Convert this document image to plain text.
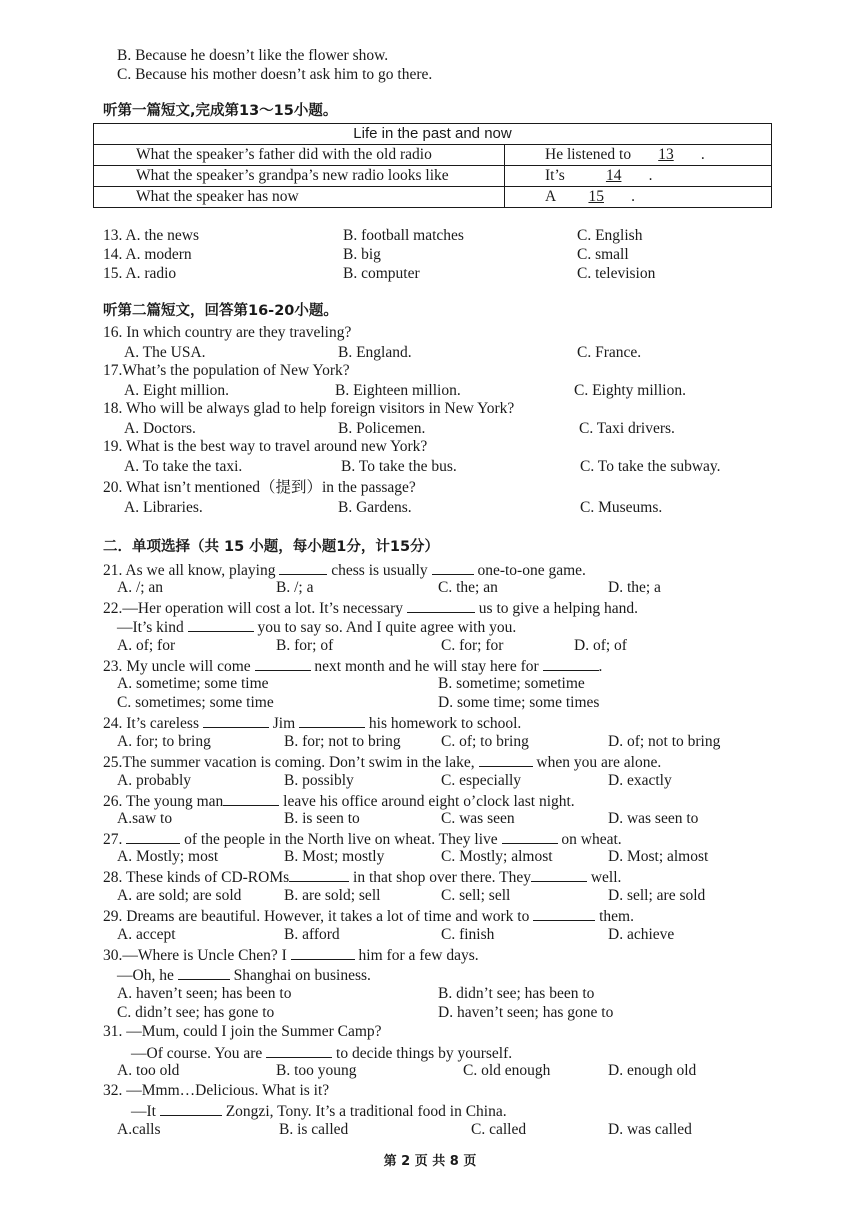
B. Because he doesn’t like the flower show.
C. Because his mother doesn’t ask him to go there.
听第一篇短文,完成第13～15小题。
Life in the past and now
What the speaker’s father did with the old radio	He listened to 13 .
What the speaker’s grandpa’s new radio looks like	It’s	14 .
What the speaker has now	A 15 .
13. A. the news	B. football matches	C. English
14. A. modern	B. big	C. small
15. A. radio	B. computer	C. television
听第二篇短文，回答第16-20小题。
16. In which country are they traveling?
A. The USA.	B. England.	C. France.
17.What’s the population of New York?
A. Eight million.	B. Eighteen million.	C. Eighty million.
18. Who will be always glad to help foreign visitors in New York?
A. Doctors.	B. Policemen.	C. Taxi drivers.
19. What is the best way to travel around new York?
A. To take the taxi.	B. To take the bus.	C. To take the subway.
20. What isn’t mentioned（提到）in the passage?
A. Libraries.	B. Gardens.	C. Museums.
二．单项选择（共 15 小题，每小题1分，计15分）
21. As we all know, playing	chess is usually	one-to-one game.
A. /; an	B. /; a	C. the; an	D. the; a
22.—Her operation will cost a lot. It’s necessary	us to give a helping hand.
—It’s kind	you to say so. And I quite agree with you.
A. of; for	B. for; of	C. for; for	D. of; of
23. My uncle will come	next month and he will stay here for	.
A. sometime; some time	B. sometime; sometime
C. sometimes; some time	D. some time; some times
24. It’s careless	Jim	his homework to school.
A. for; to bring	B. for; not to bring	C. of; to bring	D. of; not to bring
25.The summer vacation is coming. Don’t swim in the lake,	when you are alone.
A. probably	B. possibly	C. especially	D. exactly
26. The young man	leave his office around eight o’clock last night.
A.saw to	B. is seen to	C. was seen	D. was seen to
27.	of the people in the North live on wheat. They live	on wheat.
A. Mostly; most	B. Most; mostly	C. Mostly; almost	D. Most; almost
28. These kinds of CD-ROMs	in that shop over there. They	well.
A. are sold; are sold	B. are sold; sell	C. sell; sell	D. sell; are sold
29. Dreams are beautiful. However, it takes a lot of time and work to	them.
A. accept	B. afford	C. finish	D. achieve
30.—Where is Uncle Chen? I	him for a few days.
—Oh, he	Shanghai on business.
A. haven’t seen; has been to	B. didn’t see; has been to
C. didn’t see; has gone to	D. haven’t seen; has gone to
31. —Mum, could I join the Summer Camp?
—Of course. You are	to decide things by yourself.
A. too old	B. too young	C. old enough	D. enough old
32. —Mmm…Delicious. What is it?
—It	Zongzi, Tony. It’s a traditional food in China.
A.calls	B. is called	C. called	D. was called
第 2 页 共 8 页
